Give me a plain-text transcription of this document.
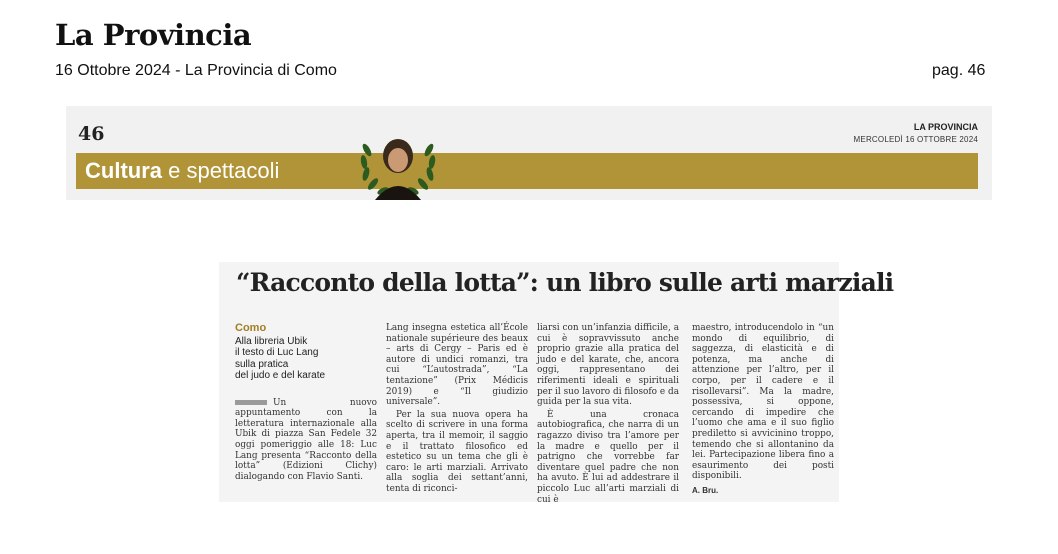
La Provincia
16 Ottobre 2024 - La Provincia di Como	pag. 46
46	LA PROVINCIA
MERCOLEDÌ 16 OTTOBRE 2024
Cultura e spettacoli
“Racconto della lotta”: un libro sulle arti marziali
Como
Alla libreria Ubik
il testo di Luc Lang
sulla pratica
del judo e del karate

Un nuovo appuntamento con la letteratura internazionale alla Ubik di piazza San Fedele 32 oggi pomeriggio alle 18: Luc Lang presenta “Racconto della lotta” (Edizioni Clichy) dialogando con Flavio Santi.

Lang insegna estetica all’École nationale supérieure des beaux – arts di Cergy – Paris ed è autore di undici romanzi, tra cui “L’autostrada”, “La tentazione” (Prix Médicis 2019) e “Il giudizio universale”.

Per la sua nuova opera ha scelto di scrivere in una forma aperta, tra il memoir, il saggio e il trattato filosofico ed estetico su un tema che gli è caro: le arti marziali. Arrivato alla soglia dei settant’anni, tenta di riconci-

liarsi con un’infanzia difficile, a cui è sopravvissuto anche proprio grazie alla pratica del judo e del karate, che, ancora oggi, rappresentano dei riferimenti ideali e spirituali per il suo lavoro di filosofo e da guida per la sua vita.

È una cronaca autobiografica, che narra di un ragazzo diviso tra l’amore per la madre e quello per il patrigno che vorrebbe far diventare quel padre che non ha avuto. È lui ad addestrare il piccolo Luc all’arti marziali di cui è

maestro, introducendolo in “un mondo di equilibrio, di saggezza, di elasticità e di potenza, ma anche di attenzione per l’altro, per il corpo, per il cadere e il risollevarsi”. Ma la madre, possessiva, si oppone, cercando di impedire che l’uomo che ama e il suo figlio prediletto si avvicinino troppo, temendo che si allontanino da lei. Partecipazione libera fino a esaurimento dei posti disponibili.

A. Bru.
